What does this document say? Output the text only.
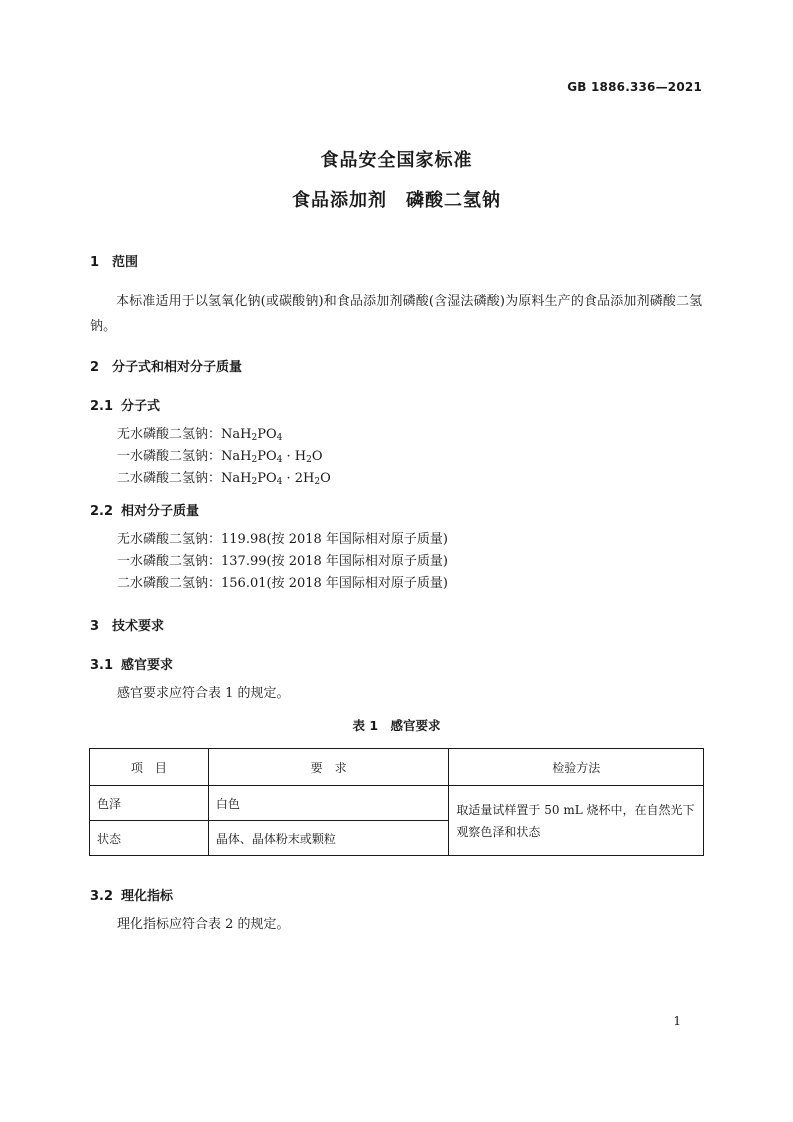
GB 1886.336—2021
食品安全国家标准
食品添加剂　磷酸二氢钠
1 范围
本标准适用于以氢氧化钠(或碳酸钠)和食品添加剂磷酸(含湿法磷酸)为原料生产的食品添加剂磷酸二氢钠。
2 分子式和相对分子质量
2.1 分子式
无水磷酸二氢钠：$NaH_2PO_4$
一水磷酸二氢钠：$NaH_2PO_4 \cdot H_2O$
二水磷酸二氢钠：$NaH_2PO_4 \cdot 2H_2O$
2.2 相对分子质量
无水磷酸二氢钠：119.98(按 2018 年国际相对原子质量)
一水磷酸二氢钠：137.99(按 2018 年国际相对原子质量)
二水磷酸二氢钠：156.01(按 2018 年国际相对原子质量)
3 技术要求
3.1 感官要求
感官要求应符合表 1 的规定。
表 1　感官要求
项　目	要　求	检验方法
色泽	白色	取适量试样置于 50 mL 烧杯中，在自然光下观察色泽和状态
状态	晶体、晶体粉末或颗粒	
3.2 理化指标
理化指标应符合表 2 的规定。
1
